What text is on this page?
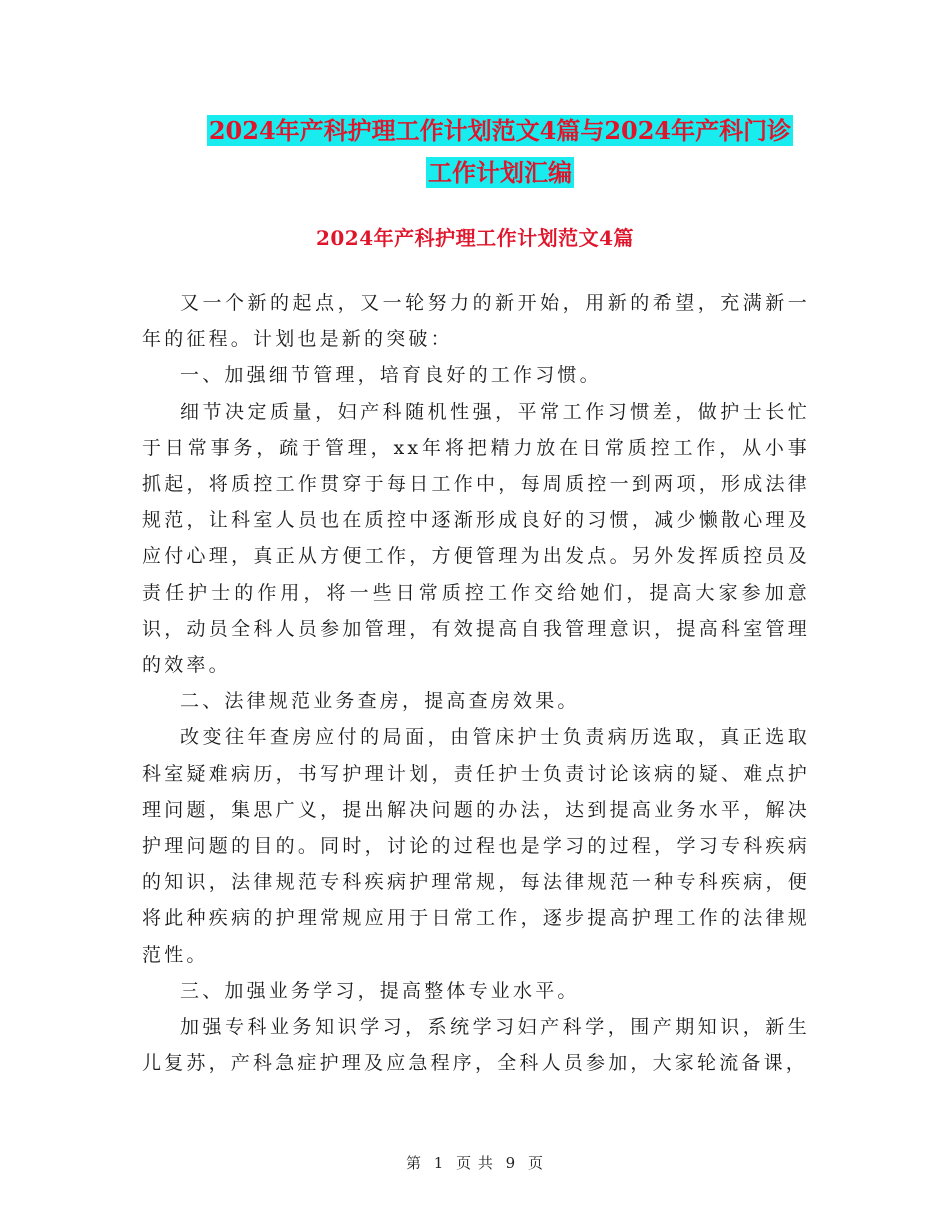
2024年产科护理工作计划范文4篇与2024年产科门诊
工作计划汇编
2024年产科护理工作计划范文4篇

又一个新的起点，又一轮努力的新开始，用新的希望，充满新一年的征程。计划也是新的突破：

一、加强细节管理，培育良好的工作习惯。

细节决定质量，妇产科随机性强，平常工作习惯差，做护士长忙于日常事务，疏于管理，xx年将把精力放在日常质控工作，从小事抓起，将质控工作贯穿于每日工作中，每周质控一到两项，形成法律规范，让科室人员也在质控中逐渐形成良好的习惯，减少懒散心理及应付心理，真正从方便工作，方便管理为出发点。另外发挥质控员及责任护士的作用，将一些日常质控工作交给她们，提高大家参加意识，动员全科人员参加管理，有效提高自我管理意识，提高科室管理的效率。

二、法律规范业务查房，提高查房效果。

改变往年查房应付的局面，由管床护士负责病历选取，真正选取科室疑难病历，书写护理计划，责任护士负责讨论该病的疑、难点护理问题，集思广义，提出解决问题的办法，达到提高业务水平，解决护理问题的目的。同时，讨论的过程也是学习的过程，学习专科疾病的知识，法律规范专科疾病护理常规，每法律规范一种专科疾病，便将此种疾病的护理常规应用于日常工作，逐步提高护理工作的法律规范性。

三、加强业务学习，提高整体专业水平。

加强专科业务知识学习，系统学习妇产科学，围产期知识，新生儿复苏，产科急症护理及应急程序，全科人员参加，大家轮流备课，

第 1 页 共 9 页
